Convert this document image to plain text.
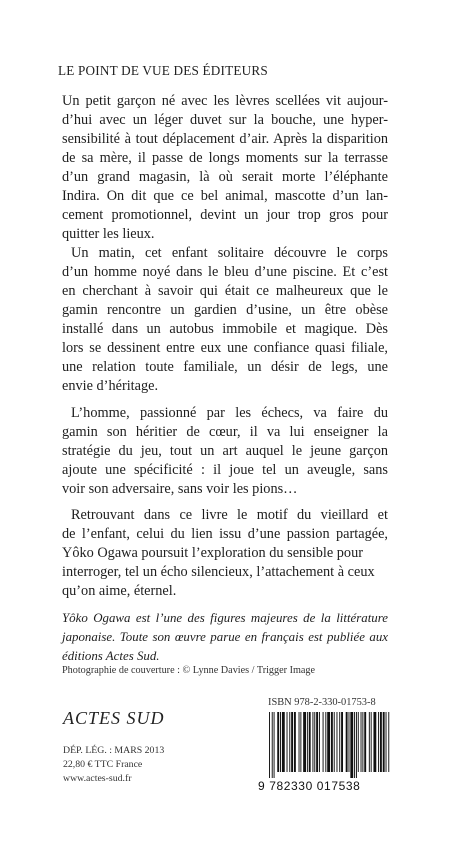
LE POINT DE VUE DES ÉDITEURS
Un petit garçon né avec les lèvres scellées vit aujour-
d’hui avec un léger duvet sur la bouche, une hyper-
sensibilité à tout déplacement d’air. Après la disparition
de sa mère, il passe de longs moments sur la terrasse
d’un grand magasin, là où serait morte l’éléphante
Indira. On dit que ce bel animal, mascotte d’un lan-
cement promotionnel, devint un jour trop gros pour
quitter les lieux.
Un matin, cet enfant solitaire découvre le corps
d’un homme noyé dans le bleu d’une piscine. Et c’est
en cherchant à savoir qui était ce malheureux que le
gamin rencontre un gardien d’usine, un être obèse
installé dans un autobus immobile et magique. Dès
lors se dessinent entre eux une confiance quasi filiale,
une relation toute familiale, un désir de legs, une
envie d’héritage.
L’homme, passionné par les échecs, va faire du
gamin son héritier de cœur, il va lui enseigner la
stratégie du jeu, tout un art auquel le jeune garçon
ajoute une spécificité : il joue tel un aveugle, sans
voir son adversaire, sans voir les pions…
Retrouvant dans ce livre le motif du vieillard et
de l’enfant, celui du lien issu d’une passion partagée,
Yôko Ogawa poursuit l’exploration du sensible pour
interroger, tel un écho silencieux, l’attachement à ceux
qu’on aime, éternel.
Yôko Ogawa est l’une des figures majeures de la littérature
japonaise. Toute son œuvre parue en français est publiée aux
éditions Actes Sud.
Photographie de couverture : © Lynne Davies / Trigger Image
ISBN 978-2-330-01753-8
ACTES SUD
DÉP. LÉG. : MARS 2013
22,80 € TTC France
www.actes-sud.fr
9 782330 017538
